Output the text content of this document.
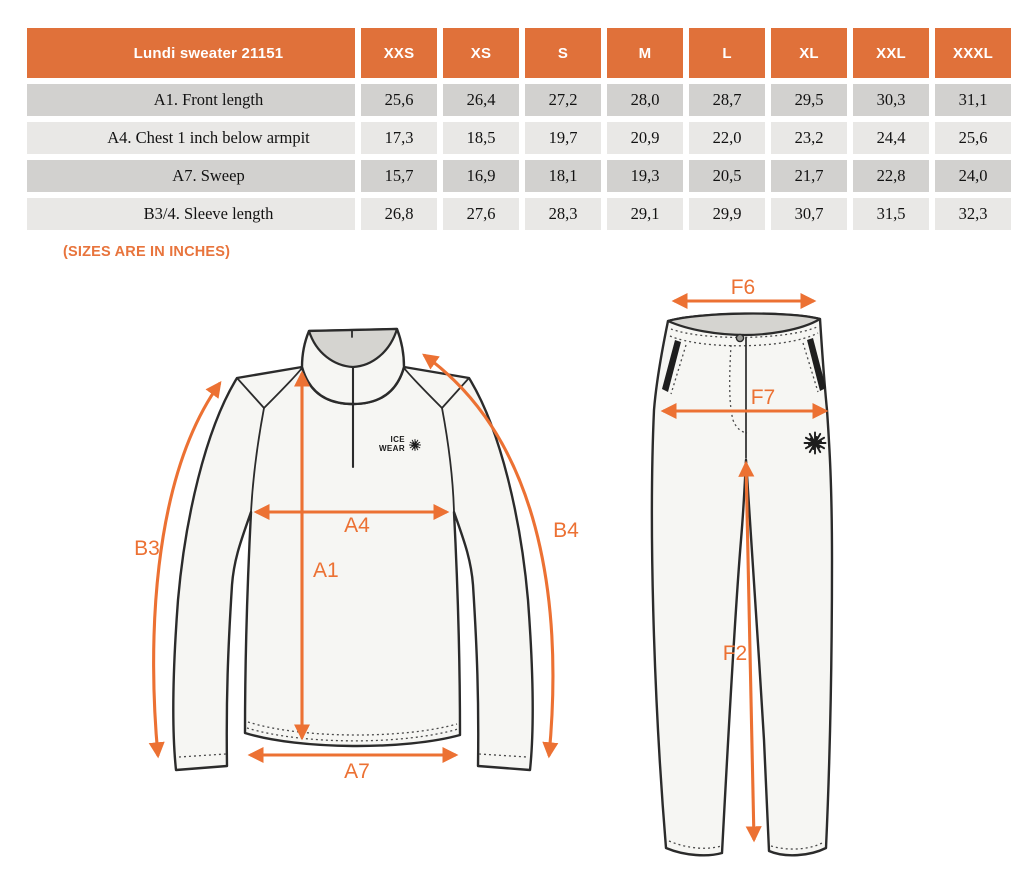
Lundi sweater 21151	XXS	XS	S	M	L	XL	XXL	XXXL
A1. Front length	25,6	26,4	27,2	28,0	28,7	29,5	30,3	31,1
A4. Chest 1 inch below armpit	17,3	18,5	19,7	20,9	22,0	23,2	24,4	25,6
A7. Sweep	15,7	16,9	18,1	19,3	20,5	21,7	22,8	24,0
B3/4. Sleeve length	26,8	27,6	28,3	29,1	29,9	30,7	31,5	32,3
(SIZES ARE IN INCHES)
ICE
WEAR
A4
A1
A7
B3
B4
F6
F7
F2
